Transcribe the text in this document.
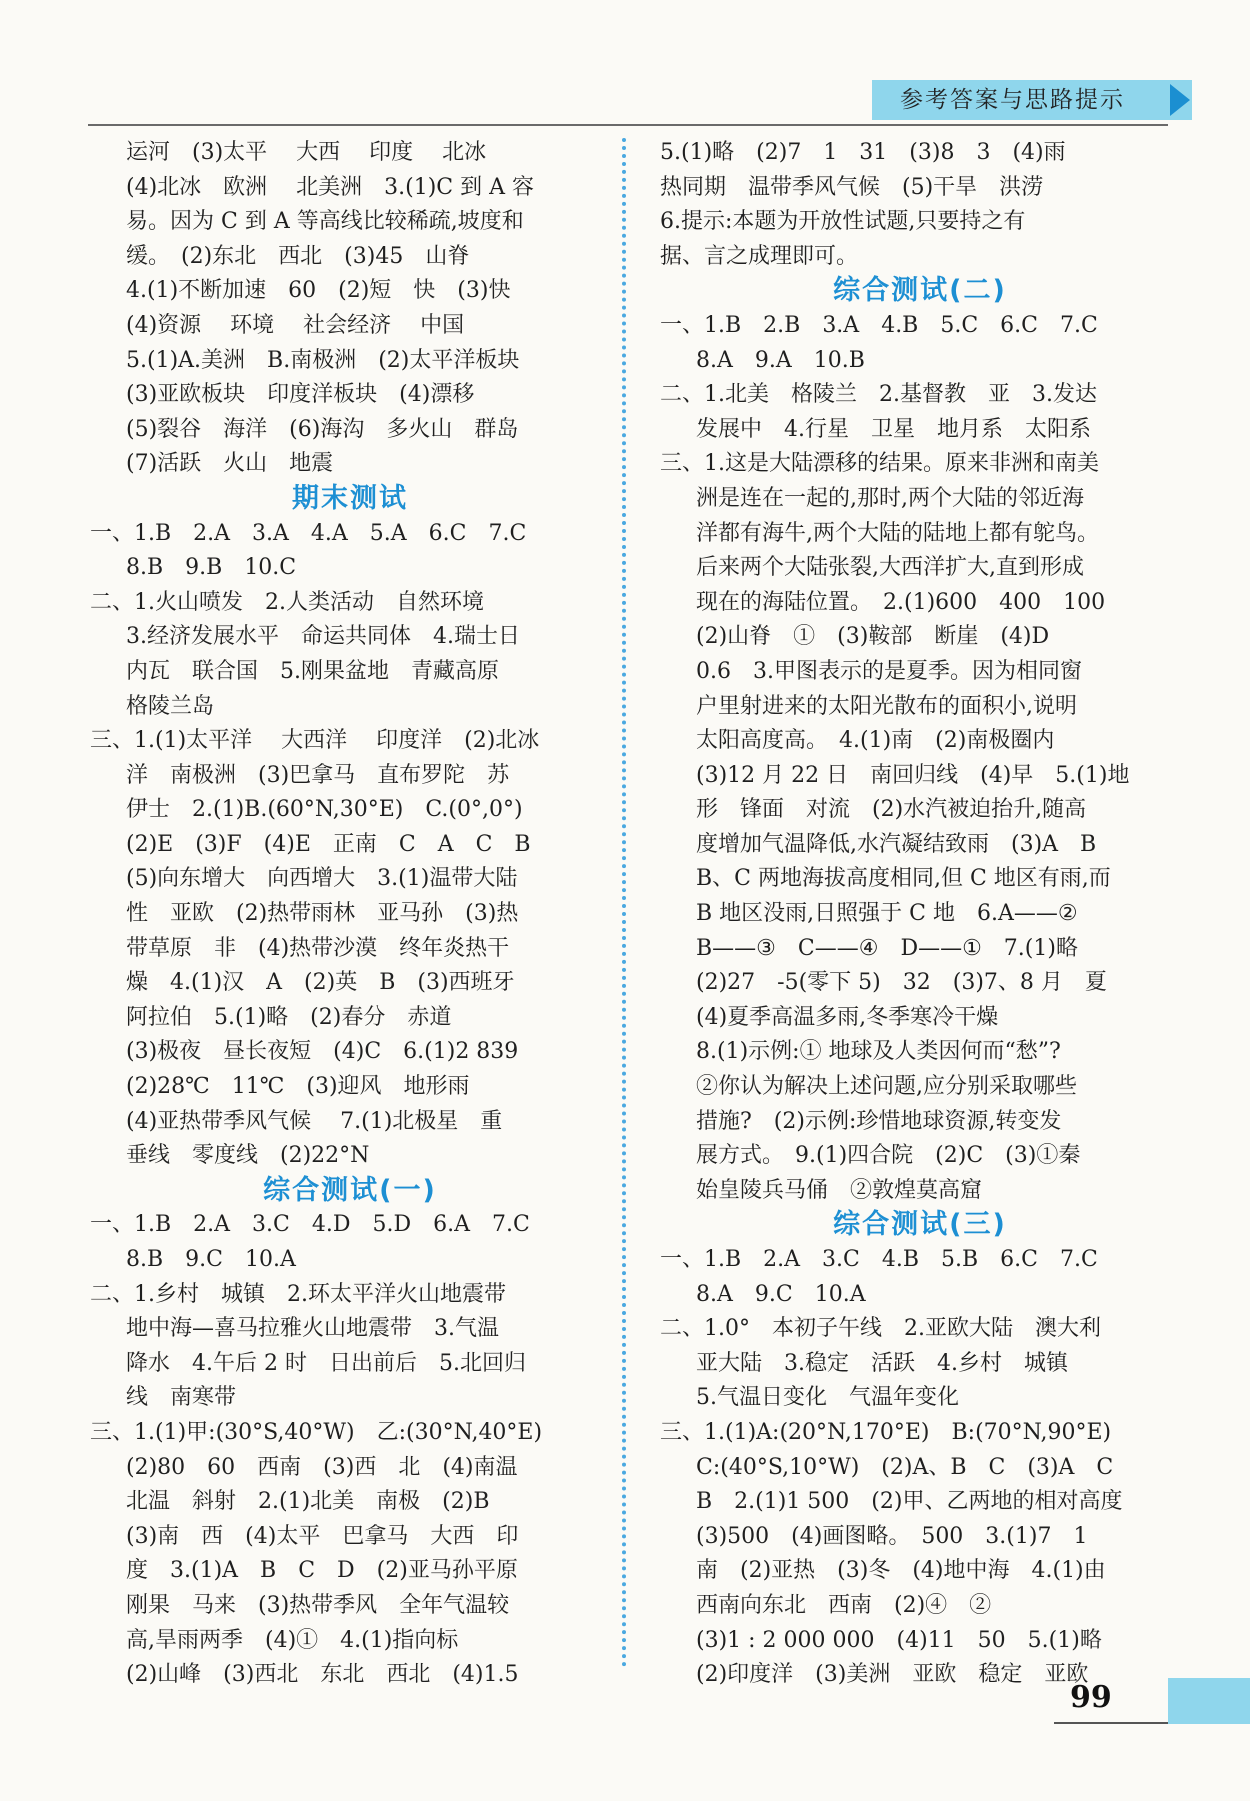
参考答案与思路提示
运河　(3)太平　 大西　 印度　 北冰
(4)北冰　欧洲　 北美洲　3.(1)C 到 A 容
易。因为 C 到 A 等高线比较稀疏,坡度和
缓。　(2)东北　西北　(3)45　山脊
4.(1)不断加速　60　(2)短　快　(3)快
(4)资源　 环境　 社会经济　 中国
5.(1)A.美洲　B.南极洲　(2)太平洋板块
(3)亚欧板块　印度洋板块　(4)漂移
(5)裂谷　海洋　(6)海沟　多火山　群岛
(7)活跃　火山　地震
期末测试
一、1.B　2.A　3.A　4.A　5.A　6.C　7.C
8.B　9.B　10.C
二、1.火山喷发　2.人类活动　自然环境
3.经济发展水平　命运共同体　4.瑞士日
内瓦　联合国　5.刚果盆地　青藏高原
格陵兰岛
三、1.(1)太平洋　 大西洋　 印度洋　(2)北冰
洋　南极洲　(3)巴拿马　直布罗陀　苏
伊士　2.(1)B.(60°N,30°E)　C.(0°,0°)
(2)E　(3)F　(4)E　正南　C　A　C　B
(5)向东增大　向西增大　3.(1)温带大陆
性　亚欧　(2)热带雨林　亚马孙　(3)热
带草原　非　(4)热带沙漠　终年炎热干
燥　4.(1)汉　A　(2)英　B　(3)西班牙
阿拉伯　5.(1)略　(2)春分　赤道
(3)极夜　昼长夜短　(4)C　6.(1)2 839
(2)28℃　11℃　(3)迎风　地形雨
(4)亚热带季风气候　 7.(1)北极星　重
垂线　零度线　(2)22°N
综合测试(一)
一、1.B　2.A　3.C　4.D　5.D　6.A　7.C
8.B　9.C　10.A
二、1.乡村　城镇　2.环太平洋火山地震带
地中海—喜马拉雅火山地震带　3.气温
降水　4.午后 2 时　日出前后　5.北回归
线　南寒带
三、1.(1)甲:(30°S,40°W)　乙:(30°N,40°E)
(2)80　60　西南　(3)西　北　(4)南温
北温　斜射　2.(1)北美　南极　(2)B
(3)南　西　(4)太平　巴拿马　大西　印
度　3.(1)A　B　C　D　(2)亚马孙平原
刚果　马来　(3)热带季风　全年气温较
高,旱雨两季　(4)①　4.(1)指向标
(2)山峰　(3)西北　东北　西北　(4)1.5
5.(1)略　(2)7　1　31　(3)8　3　(4)雨
热同期　温带季风气候　(5)干旱　洪涝
6.提示:本题为开放性试题,只要持之有
据、言之成理即可。
综合测试(二)
一、1.B　2.B　3.A　4.B　5.C　6.C　7.C
8.A　9.A　10.B
二、1.北美　格陵兰　2.基督教　亚　3.发达
发展中　4.行星　卫星　地月系　太阳系
三、1.这是大陆漂移的结果。原来非洲和南美
洲是连在一起的,那时,两个大陆的邻近海
洋都有海牛,两个大陆的陆地上都有鸵鸟。
后来两个大陆张裂,大西洋扩大,直到形成
现在的海陆位置。　2.(1)600　400　100
(2)山脊　①　(3)鞍部　断崖　(4)D
0.6　3.甲图表示的是夏季。因为相同窗
户里射进来的太阳光散布的面积小,说明
太阳高度高。　4.(1)南　(2)南极圈内
(3)12 月 22 日　南回归线　(4)早　5.(1)地
形　锋面　对流　(2)水汽被迫抬升,随高
度增加气温降低,水汽凝结致雨　(3)A　B
B、C 两地海拔高度相同,但 C 地区有雨,而
B 地区没雨,日照强于 C 地　6.A——②
B——③　C——④　D——①　7.(1)略
(2)27　-5(零下 5)　32　(3)7、8 月　夏
(4)夏季高温多雨,冬季寒冷干燥
8.(1)示例:① 地球及人类因何而“愁”?
②你认为解决上述问题,应分别采取哪些
措施?　(2)示例:珍惜地球资源,转变发
展方式。　9.(1)四合院　(2)C　(3)①秦
始皇陵兵马俑　②敦煌莫高窟
综合测试(三)
一、1.B　2.A　3.C　4.B　5.B　6.C　7.C
8.A　9.C　10.A
二、1.0°　本初子午线　2.亚欧大陆　澳大利
亚大陆　3.稳定　活跃　4.乡村　城镇
5.气温日变化　气温年变化
三、1.(1)A:(20°N,170°E)　B:(70°N,90°E)
C:(40°S,10°W)　(2)A、B　C　(3)A　C
B　2.(1)1 500　(2)甲、乙两地的相对高度
(3)500　(4)画图略。　500　3.(1)7　1
南　(2)亚热　(3)冬　(4)地中海　4.(1)由
西南向东北　西南　(2)④　②
(3)1 : 2 000 000　(4)11　50　5.(1)略
(2)印度洋　(3)美洲　亚欧　稳定　亚欧
99
